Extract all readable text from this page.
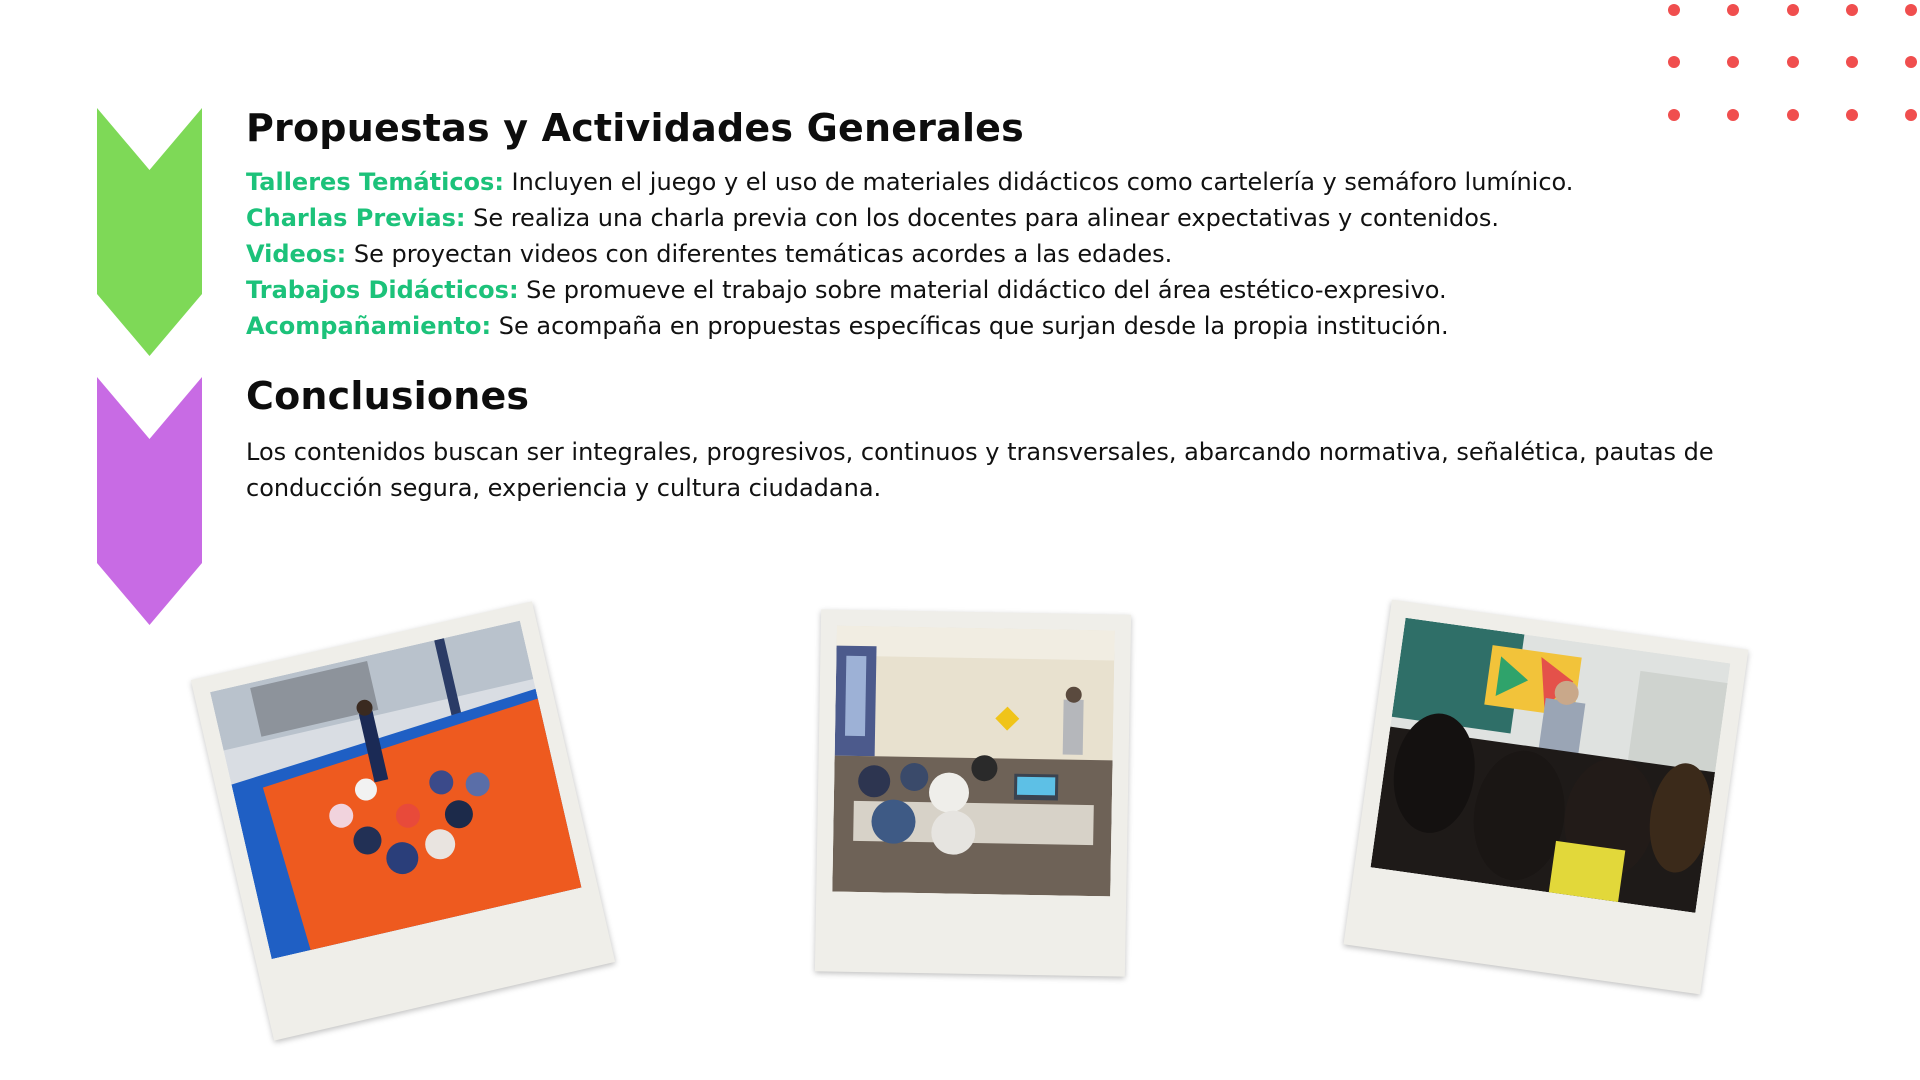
Propuestas y Actividades Generales
Talleres Temáticos: Incluyen el juego y el uso de materiales didácticos como cartelería y semáforo lumínico.
Charlas Previas: Se realiza una charla previa con los docentes para alinear expectativas y contenidos.
Videos: Se proyectan videos con diferentes temáticas acordes a las edades.
Trabajos Didácticos: Se promueve el trabajo sobre material didáctico del área estético-expresivo.
Acompañamiento: Se acompaña en propuestas específicas que surjan desde la propia institución.
Conclusiones
Los contenidos buscan ser integrales, progresivos, continuos y transversales, abarcando normativa, señalética, pautas de conducción segura, experiencia y cultura ciudadana.
